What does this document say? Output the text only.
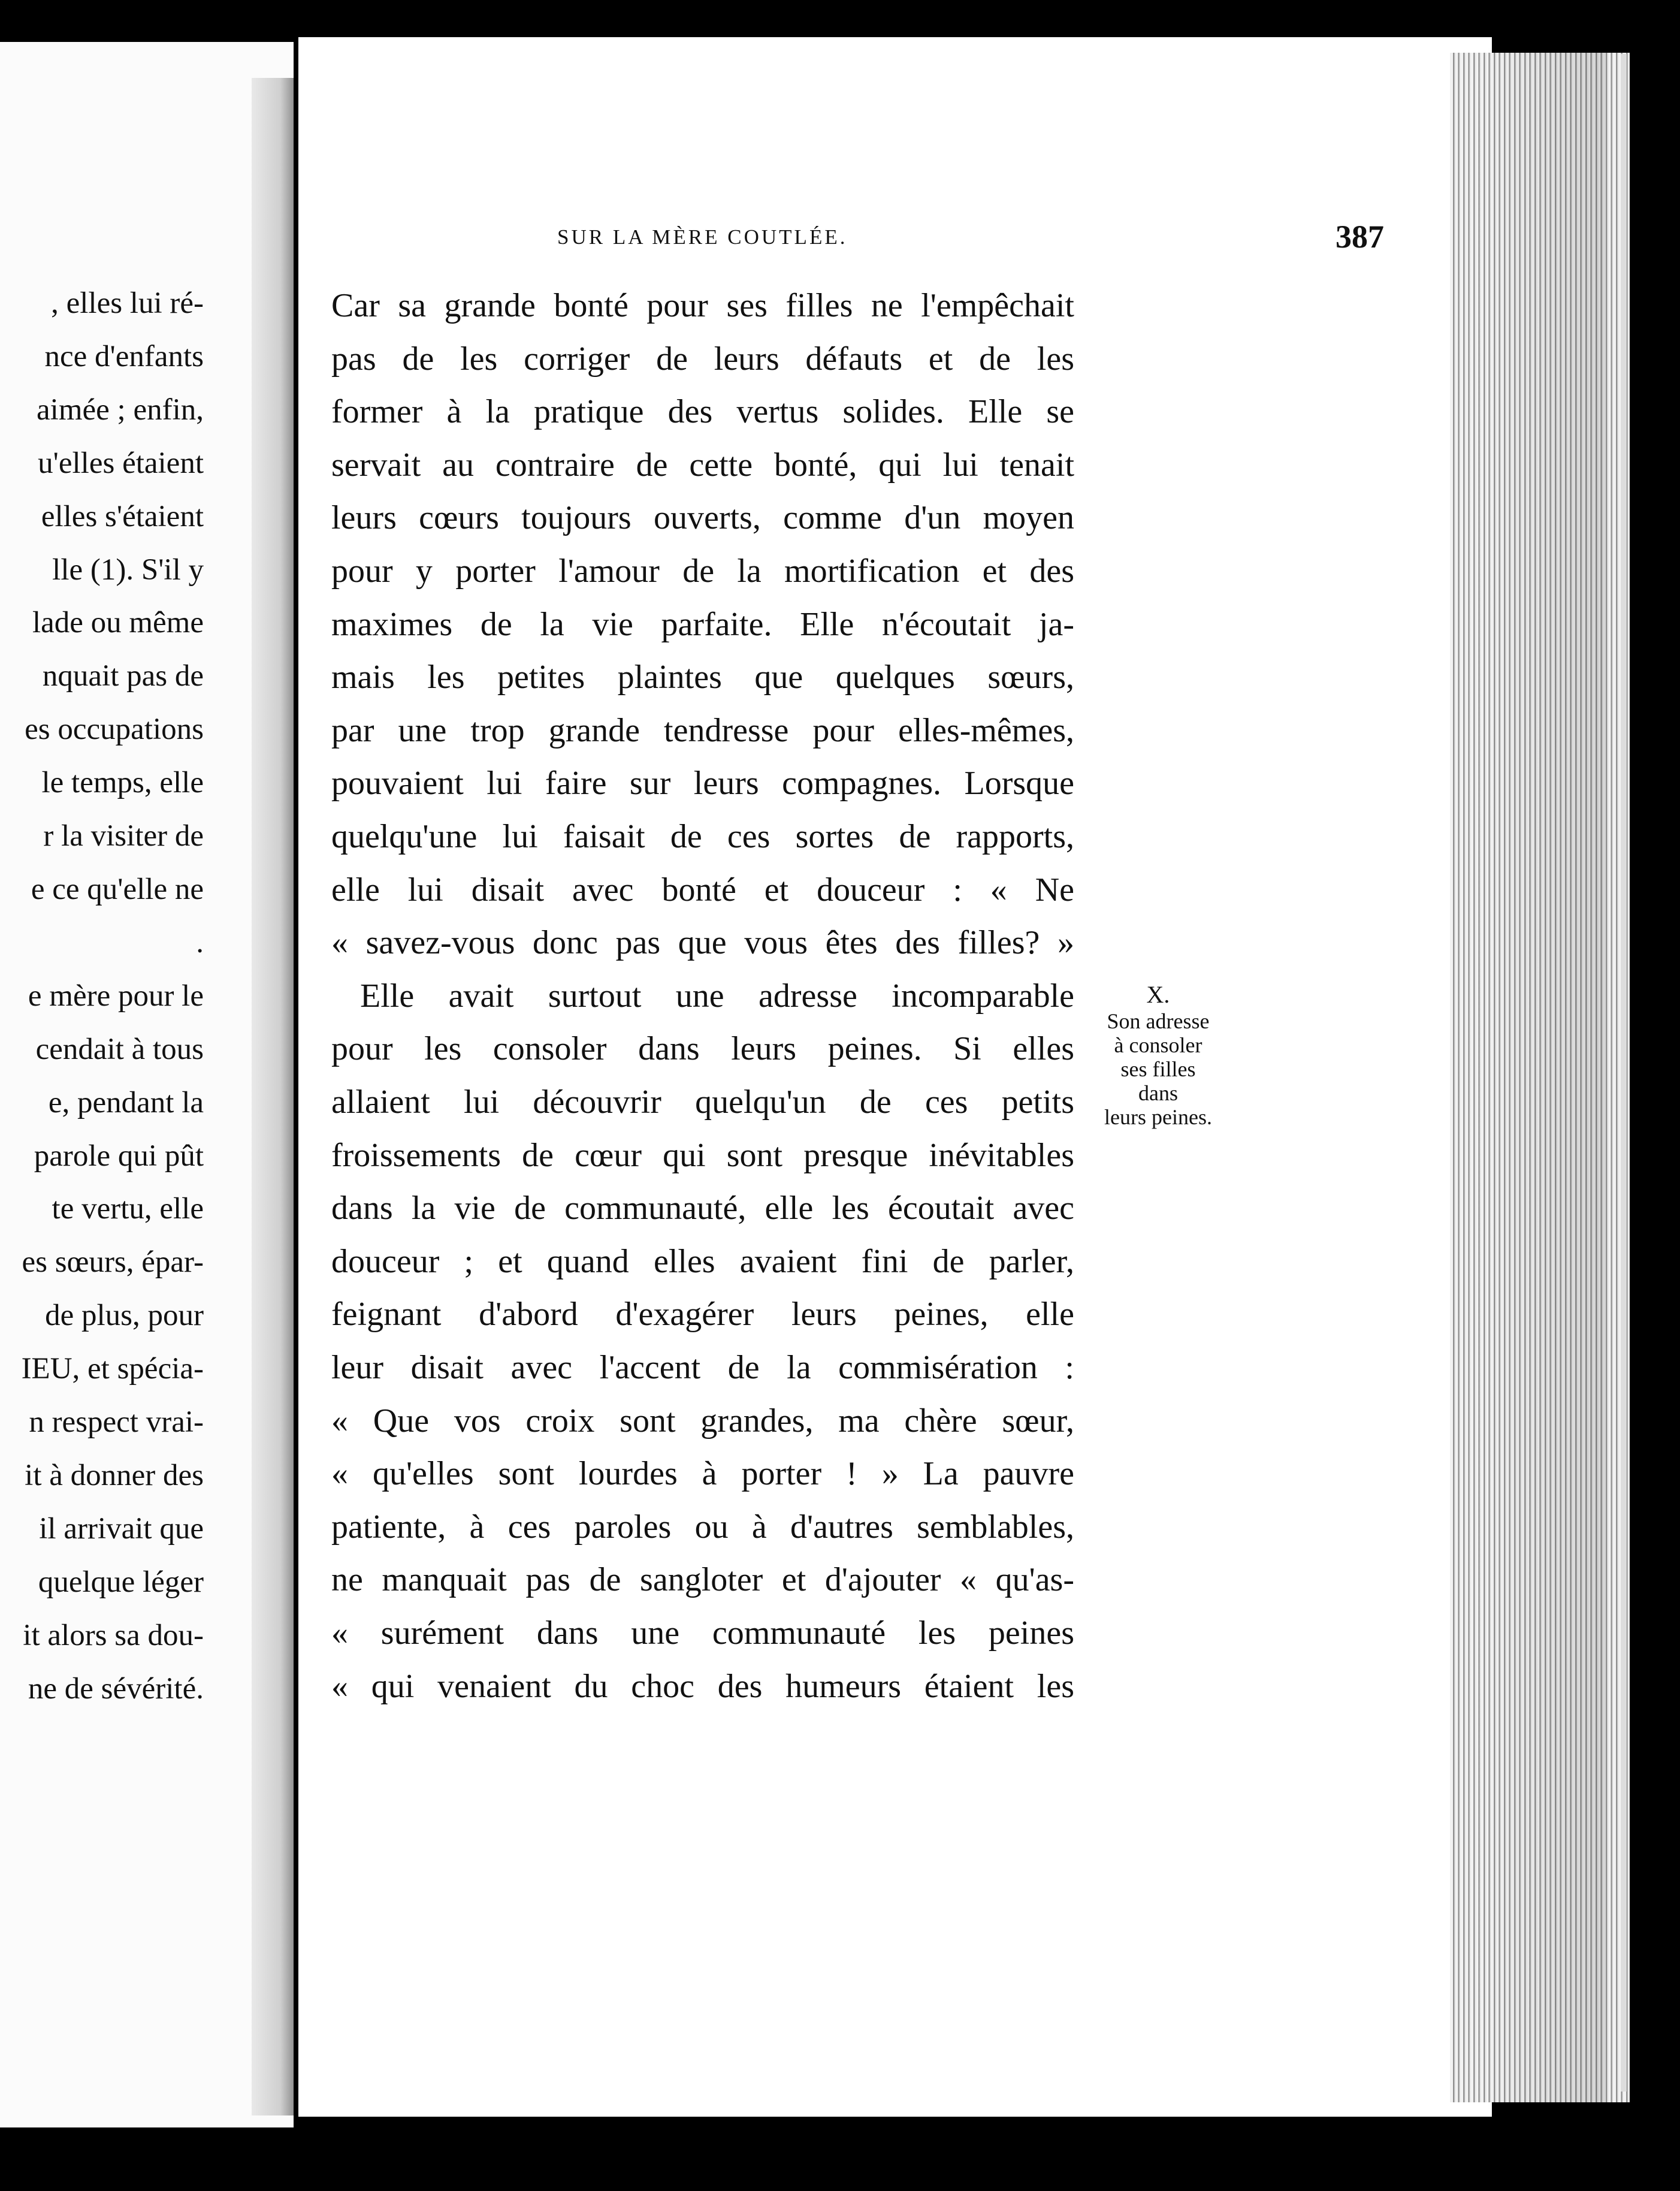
, elles lui ré-
nce d'enfants
aimée ; enfin,
u'elles étaient
elles s'étaient
lle (1). S'il y
lade ou même
nquait pas de
es occupations
le temps, elle
r la visiter de
e ce qu'elle ne
.
e mère pour le
cendait à tous
e, pendant la
parole qui pût
te vertu, elle
es sœurs, épar-
de plus, pour
IEU, et spécia-
n respect vrai-
it à donner des
il arrivait que
quelque léger
it alors sa dou-
ne de sévérité.
SUR LA MÈRE COUTLÉE.	387
Car sa grande bonté pour ses filles ne l'empêchait
pas de les corriger de leurs défauts et de les
former à la pratique des vertus solides. Elle se
servait au contraire de cette bonté, qui lui tenait
leurs cœurs toujours ouverts, comme d'un moyen
pour y porter l'amour de la mortification et des
maximes de la vie parfaite. Elle n'écoutait ja-
mais les petites plaintes que quelques sœurs,
par une trop grande tendresse pour elles-mêmes,
pouvaient lui faire sur leurs compagnes. Lorsque
quelqu'une lui faisait de ces sortes de rapports,
elle lui disait avec bonté et douceur : « Ne
« savez-vous donc pas que vous êtes des filles? »
Elle avait surtout une adresse incomparable
pour les consoler dans leurs peines. Si elles
allaient lui découvrir quelqu'un de ces petits
froissements de cœur qui sont presque inévitables
dans la vie de communauté, elle les écoutait avec
douceur ; et quand elles avaient fini de parler,
feignant d'abord d'exagérer leurs peines, elle
leur disait avec l'accent de la commisération :
« Que vos croix sont grandes, ma chère sœur,
« qu'elles sont lourdes à porter ! » La pauvre
patiente, à ces paroles ou à d'autres semblables,
ne manquait pas de sangloter et d'ajouter « qu'as-
« surément dans une communauté les peines
« qui venaient du choc des humeurs étaient les
X.
Son adresse
à consoler
ses filles
dans
leurs peines.
